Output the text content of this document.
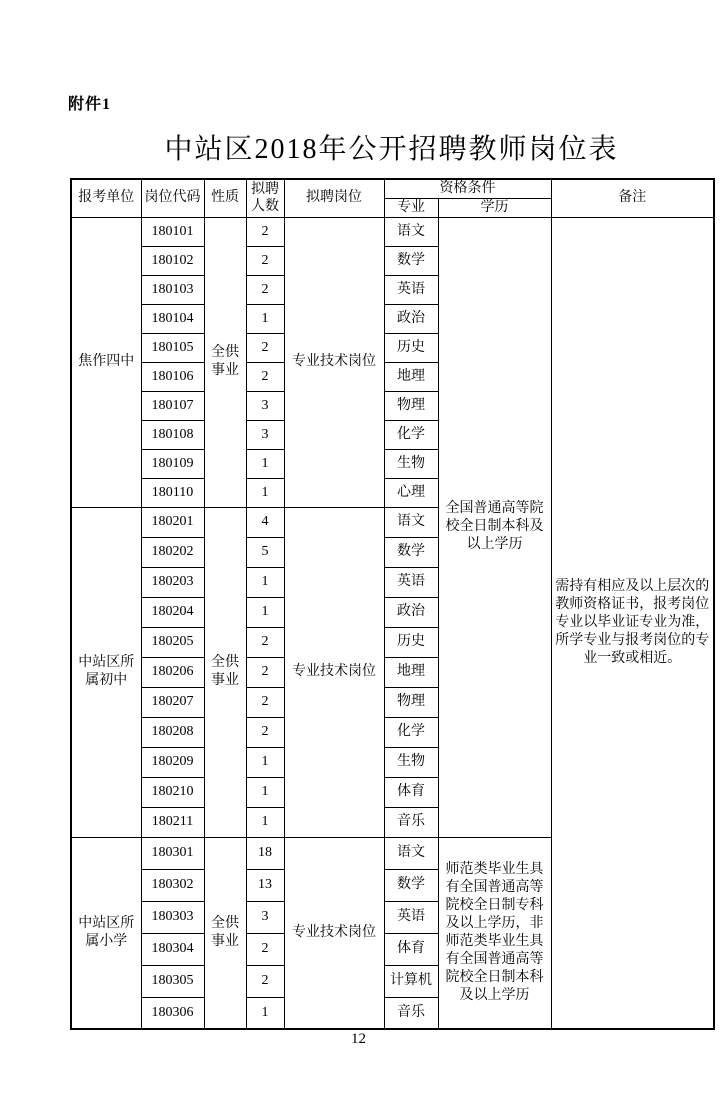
附件1
中站区2018年公开招聘教师岗位表
报考单位	岗位代码	性质	拟聘人数	拟聘岗位	资格条件		备注
					专业	学历	
焦作四中	180101	全供事业	2	专业技术岗位	语文	全国普通高等院校全日制本科及以上学历	需持有相应及以上层次的教师资格证书，报考岗位专业以毕业证专业为准，所学专业与报考岗位的专业一致或相近。
	180102		2		数学		
	180103		2		英语		
	180104		1		政治		
	180105		2		历史		
	180106		2		地理		
	180107		3		物理		
	180108		3		化学		
	180109		1		生物		
	180110		1		心理		
中站区所属初中	180201	全供事业	4	专业技术岗位	语文		
	180202		5		数学		
	180203		1		英语		
	180204		1		政治		
	180205		2		历史		
	180206		2		地理		
	180207		2		物理		
	180208		2		化学		
	180209		1		生物		
	180210		1		体育		
	180211		1		音乐		
中站区所属小学	180301	全供事业	18	专业技术岗位	语文	师范类毕业生具有全国普通高等院校全日制专科及以上学历，非师范类毕业生具有全国普通高等院校全日制本科及以上学历	
	180302		13		数学		
	180303		3		英语		
	180304		2		体育		
	180305		2		计算机		
	180306		1		音乐		
12
